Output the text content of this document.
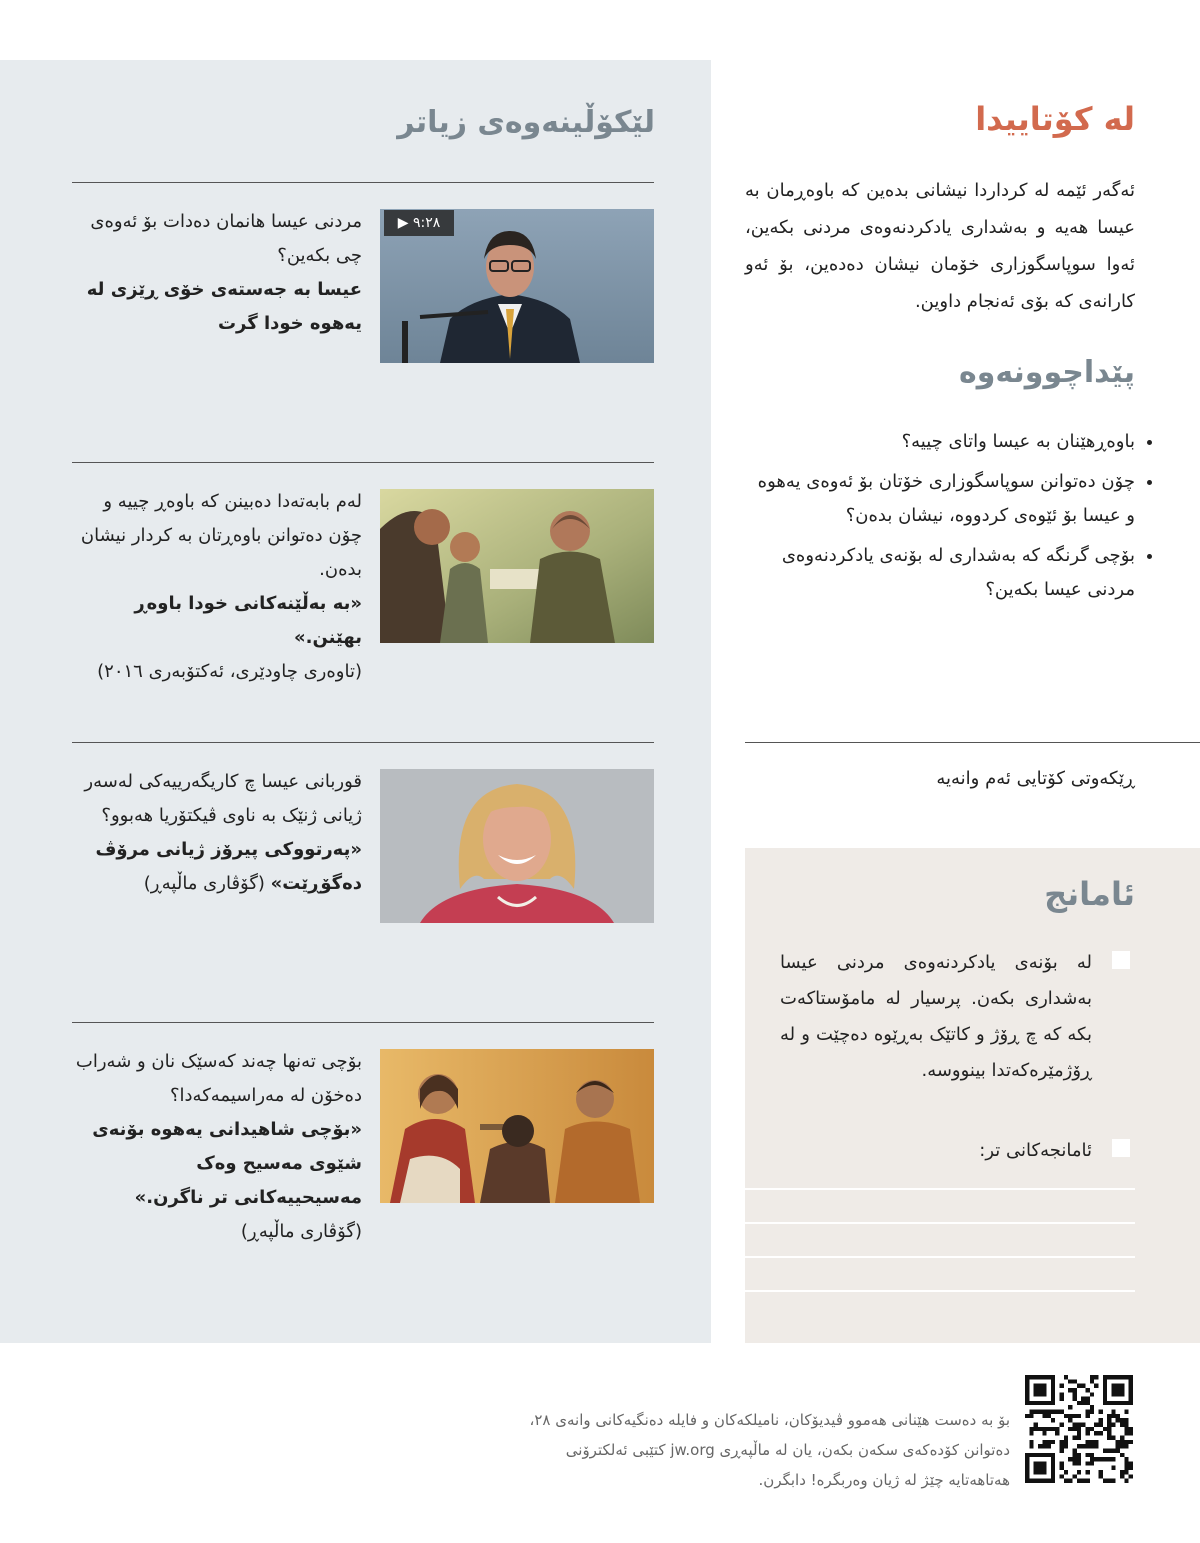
لێکۆڵینەوەی زیاتر
▶ ٩:٢٨
مردنی عیسا هانمان دەدات بۆ ئەوەی چی بکەین؟
عیسا بە جەستەی خۆی ڕێزی لە یەهوە خودا گرت
لەم بابەتەدا دەبینن کە باوەڕ چییە و چۆن دەتوانن باوەڕتان بە کردار نیشان بدەن.
«بە بەڵێنەکانی خودا باوەڕ بهێنن.»
(تاوەری چاودێری، ئەکتۆبەری ٢٠١٦)
قوربانی عیسا چ کاریگەرییەکی لەسەر ژیانی ژنێک بە ناوی ڤیکتۆریا هەبوو؟
«پەرتووکی پیرۆز ژیانی مرۆڤ دەگۆڕێت» (گۆڤاری ماڵپەڕ)
بۆچی تەنها چەند کەسێک نان و شەراب دەخۆن لە مەراسیمەکەدا؟
«بۆچی شاهیدانی یەهوە بۆنەی شێوی مەسیح وەک مەسیحییەکانی تر ناگرن.» (گۆڤاری ماڵپەڕ)
لە کۆتاییدا
ئەگەر ئێمە لە کرداردا نیشانی بدەین کە باوەڕمان بە عیسا هەیە و بەشداری یادکردنەوەی مردنی بکەین، ئەوا سوپاسگوزاری خۆمان نیشان دەدەین، بۆ ئەو کارانەی کە بۆی ئەنجام داوین.
پێداچوونەوە
• باوەڕهێنان بە عیسا واتای چییە؟
• چۆن دەتوانن سوپاسگوزاری خۆتان بۆ ئەوەی یەهوە و عیسا بۆ ئێوەی کردووە، نیشان بدەن؟
• بۆچی گرنگە کە بەشداری لە بۆنەی یادکردنەوەی مردنی عیسا بکەین؟
ڕێکەوتی کۆتایی ئەم وانەیە
ئامانج
لە بۆنەی یادکردنەوەی مردنی عیسا بەشداری بکەن. پرسیار لە مامۆستاکەت بکە کە چ ڕۆژ و کاتێک بەڕێوە دەچێت و لە ڕۆژمێرەکەتدا بینووسە.
ئامانجەکانی تر:
بۆ بە دەست هێنانی هەموو ڤیدیۆکان، نامیلکەکان و فایلە دەنگیەکانی وانەی ٢٨، دەتوانن کۆدەکەی سکەن بکەن، یان لە ماڵپەڕی jw.org کتێبی ئەلکترۆنی هەتاهەتایە چێژ لە ژیان وەربگرە! دابگرن.
